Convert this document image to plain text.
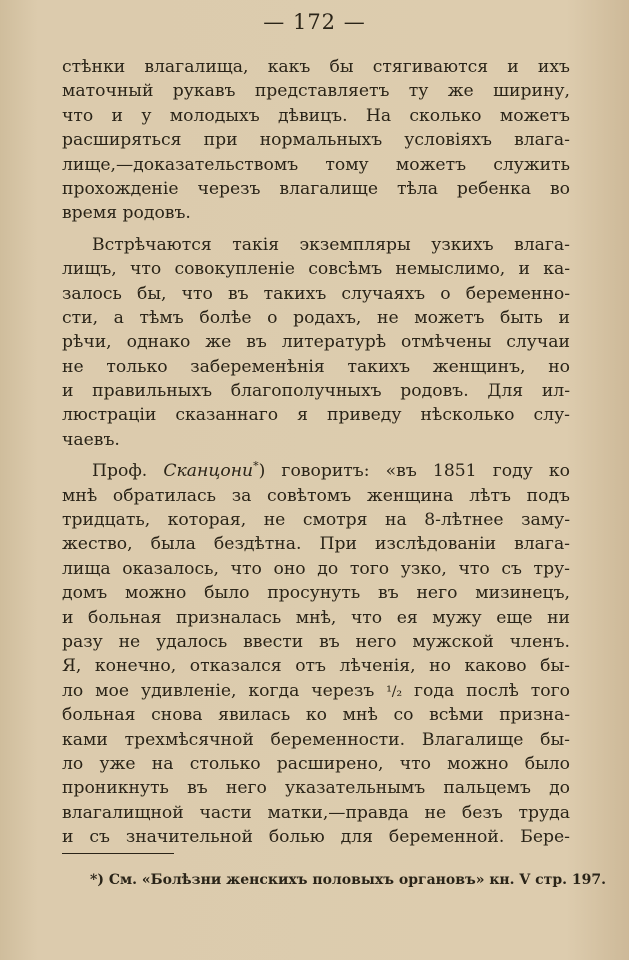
— 172 —
стѣнки влагалища, какъ бы стягиваются и ихъ
маточный рукавъ представляетъ ту же ширину,
что и у молодыхъ дѣвицъ. На сколько можетъ
расширяться при нормальныхъ условіяхъ влага-
лище,—доказательствомъ тому можетъ служить
прохожденіе черезъ влагалище тѣла ребенка во
время родовъ.
Встрѣчаются такія экземпляры узкихъ влага-
лищъ, что совокупленіе совсѣмъ немыслимо, и ка-
залось бы, что въ такихъ случаяхъ о беременно-
сти, а тѣмъ болѣе о родахъ, не можетъ быть и
рѣчи, однако же въ литературѣ отмѣчены случаи
не только забеременѣнія такихъ женщинъ, но
и правильныхъ благополучныхъ родовъ. Для ил-
люстраціи сказаннаго я приведу нѣсколько слу-
чаевъ.
Проф. Сканцони*) говоритъ: «въ 1851 году ко
мнѣ обратилась за совѣтомъ женщина лѣтъ подъ
тридцать, которая, не смотря на 8-лѣтнее заму-
жество, была бездѣтна. При изслѣдованіи влага-
лища оказалось, что оно до того узко, что съ тру-
домъ можно было просунуть въ него мизинецъ,
и больная призналась мнѣ, что ея мужу еще ни
разу не удалось ввести въ него мужской членъ.
Я, конечно, отказался отъ лѣченія, но каково бы-
ло мое удивленіе, когда черезъ ¹/₂ года послѣ того
больная снова явилась ко мнѣ со всѣми призна-
ками трехмѣсячной беременности. Влагалище бы-
ло уже на столько расширено, что можно было
проникнуть въ него указательнымъ пальцемъ до
влагалищной части матки,—правда не безъ труда
и съ значительной болью для беременной. Бере-
*) См. «Болѣзни женскихъ половыхъ органовъ» кн. V стр. 197.
